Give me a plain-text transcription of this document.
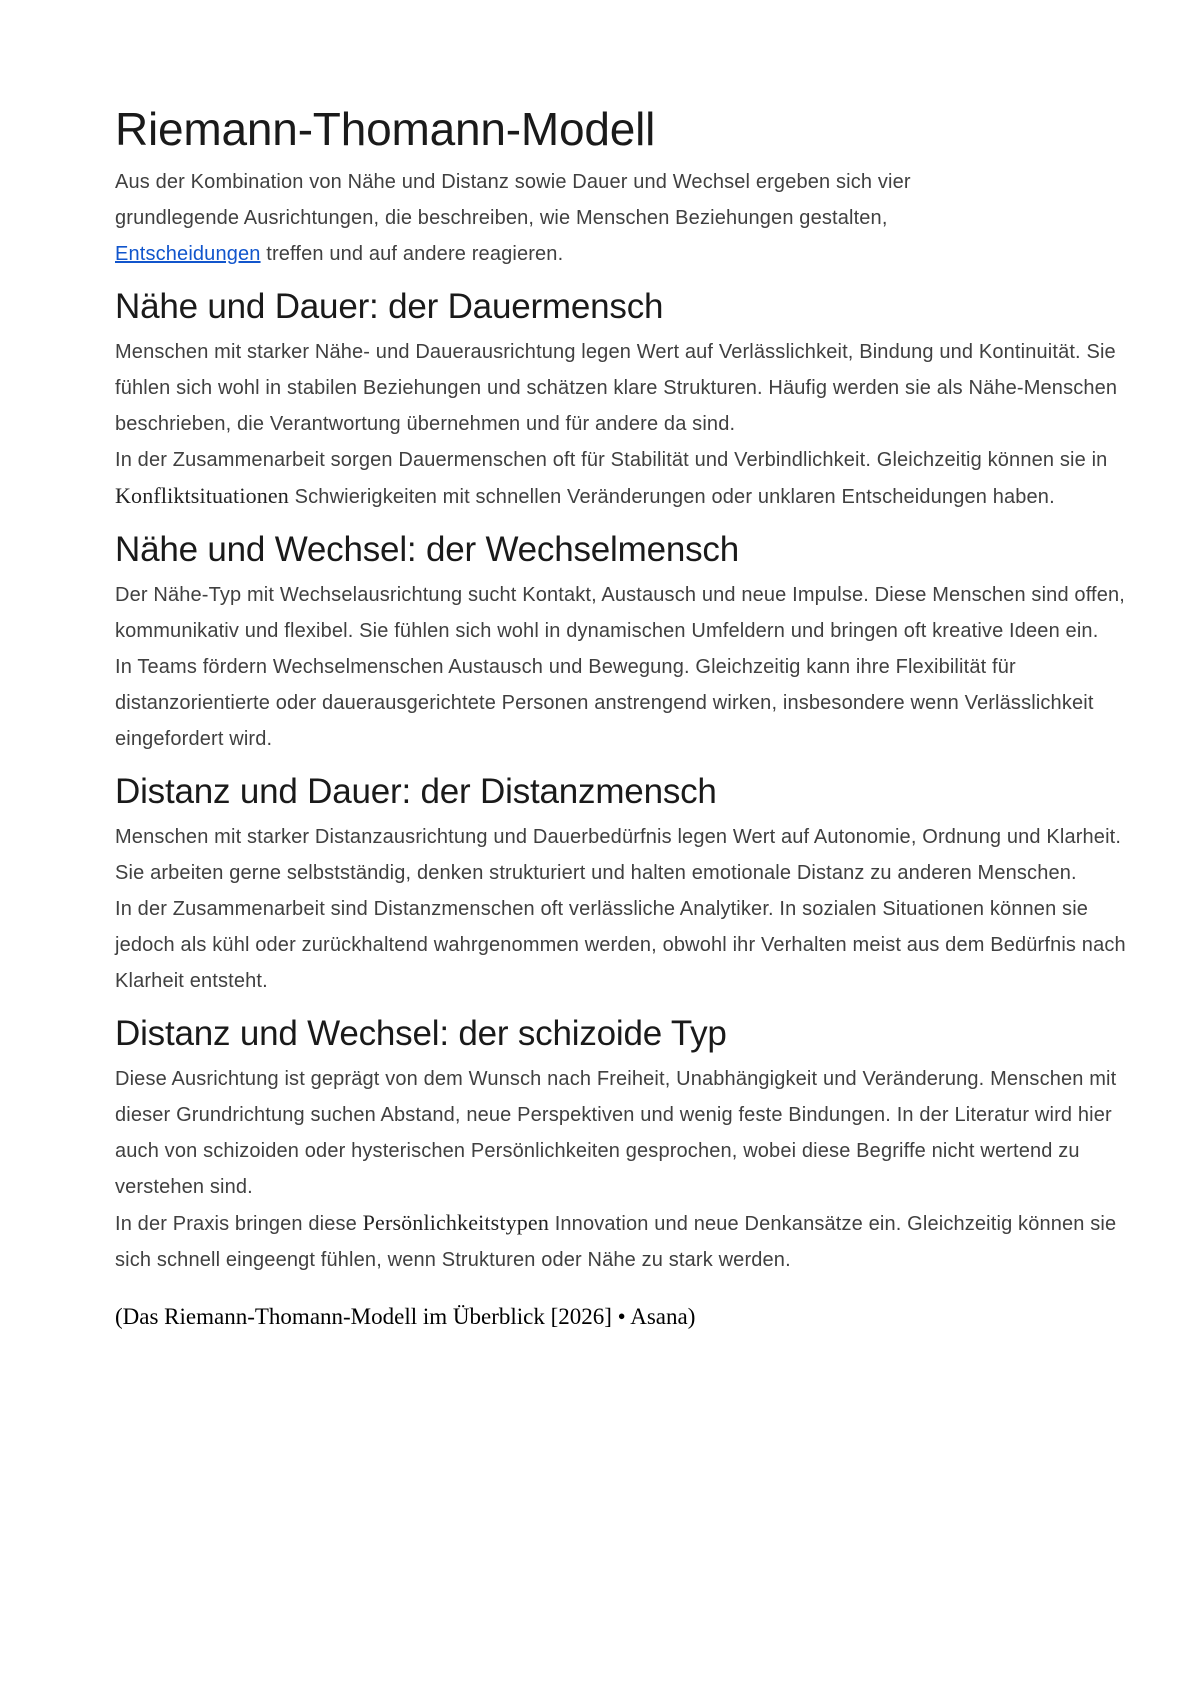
Riemann-Thomann-Modell

Aus der Kombination von Nähe und Distanz sowie Dauer und Wechsel ergeben sich vier grundlegende Ausrichtungen, die beschreiben, wie Menschen Beziehungen gestalten, Entscheidungen treffen und auf andere reagieren.

Nähe und Dauer: der Dauermensch

Menschen mit starker Nähe- und Dauerausrichtung legen Wert auf Verlässlichkeit, Bindung und Kontinuität. Sie fühlen sich wohl in stabilen Beziehungen und schätzen klare Strukturen. Häufig werden sie als Nähe-Menschen beschrieben, die Verantwortung übernehmen und für andere da sind.

In der Zusammenarbeit sorgen Dauermenschen oft für Stabilität und Verbindlichkeit. Gleichzeitig können sie in Konfliktsituationen Schwierigkeiten mit schnellen Veränderungen oder unklaren Entscheidungen haben.

Nähe und Wechsel: der Wechselmensch

Der Nähe-Typ mit Wechselausrichtung sucht Kontakt, Austausch und neue Impulse. Diese Menschen sind offen, kommunikativ und flexibel. Sie fühlen sich wohl in dynamischen Umfeldern und bringen oft kreative Ideen ein.

In Teams fördern Wechselmenschen Austausch und Bewegung. Gleichzeitig kann ihre Flexibilität für distanzorientierte oder dauerausgerichtete Personen anstrengend wirken, insbesondere wenn Verlässlichkeit eingefordert wird.

Distanz und Dauer: der Distanzmensch

Menschen mit starker Distanzausrichtung und Dauerbedürfnis legen Wert auf Autonomie, Ordnung und Klarheit. Sie arbeiten gerne selbstständig, denken strukturiert und halten emotionale Distanz zu anderen Menschen.

In der Zusammenarbeit sind Distanzmenschen oft verlässliche Analytiker. In sozialen Situationen können sie jedoch als kühl oder zurückhaltend wahrgenommen werden, obwohl ihr Verhalten meist aus dem Bedürfnis nach Klarheit entsteht.

Distanz und Wechsel: der schizoide Typ

Diese Ausrichtung ist geprägt von dem Wunsch nach Freiheit, Unabhängigkeit und Veränderung. Menschen mit dieser Grundrichtung suchen Abstand, neue Perspektiven und wenig feste Bindungen. In der Literatur wird hier auch von schizoiden oder hysterischen Persönlichkeiten gesprochen, wobei diese Begriffe nicht wertend zu verstehen sind.

In der Praxis bringen diese Persönlichkeitstypen Innovation und neue Denkansätze ein. Gleichzeitig können sie sich schnell eingeengt fühlen, wenn Strukturen oder Nähe zu stark werden.

(Das Riemann-Thomann-Modell im Überblick [2026] • Asana)
